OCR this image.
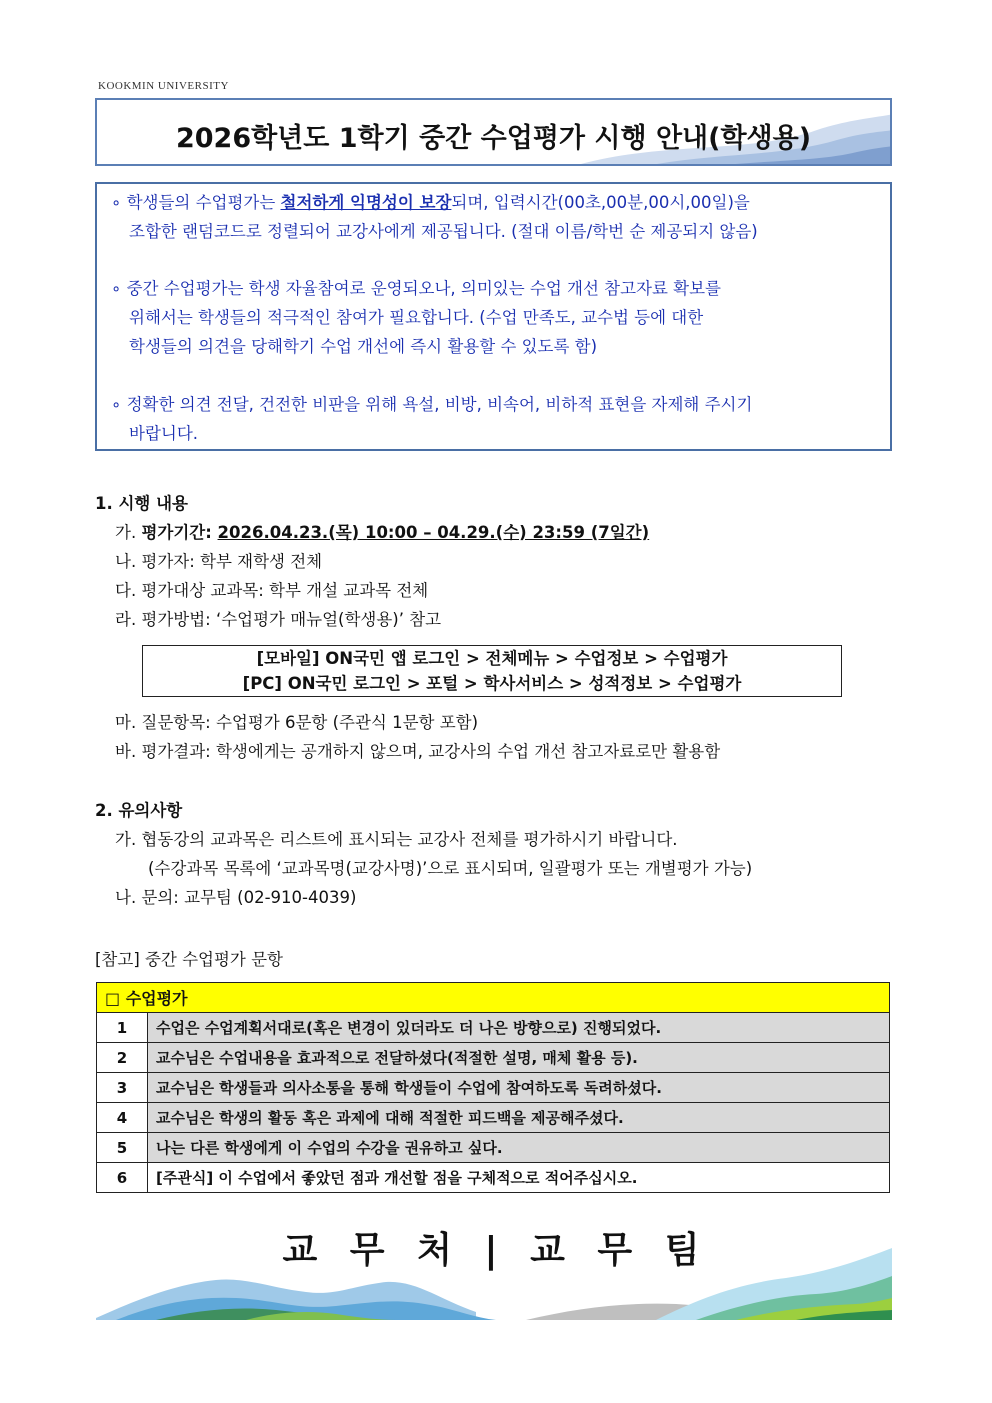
KOOKMIN UNIVERSITY
2026학년도 1학기 중간 수업평가 시행 안내(학생용)
∘ 학생들의 수업평가는 철저하게 익명성이 보장되며, 입력시간(00초,00분,00시,00일)을
조합한 랜덤코드로 정렬되어 교강사에게 제공됩니다. (절대 이름/학번 순 제공되지 않음)
∘ 중간 수업평가는 학생 자율참여로 운영되오나, 의미있는 수업 개선 참고자료 확보를
위해서는 학생들의 적극적인 참여가 필요합니다. (수업 만족도, 교수법 등에 대한
학생들의 의견을 당해학기 수업 개선에 즉시 활용할 수 있도록 함)
∘ 정확한 의견 전달, 건전한 비판을 위해 욕설, 비방, 비속어, 비하적 표현을 자제해 주시기
바랍니다.
1. 시행 내용
가. 평가기간: 2026.04.23.(목) 10:00 – 04.29.(수) 23:59 (7일간)
나. 평가자: 학부 재학생 전체
다. 평가대상 교과목: 학부 개설 교과목 전체
라. 평가방법: ‘수업평가 매뉴얼(학생용)’ 참고
[모바일] ON국민 앱 로그인 > 전체메뉴 > 수업정보 > 수업평가
[PC] ON국민 로그인 > 포털 > 학사서비스 > 성적정보 > 수업평가
마. 질문항목: 수업평가 6문항 (주관식 1문항 포함)
바. 평가결과: 학생에게는 공개하지 않으며, 교강사의 수업 개선 참고자료로만 활용함
2. 유의사항
가. 협동강의 교과목은 리스트에 표시되는 교강사 전체를 평가하시기 바랍니다.
(수강과목 목록에 ‘교과목명(교강사명)’으로 표시되며, 일괄평가 또는 개별평가 가능)
나. 문의: 교무팀 (02-910-4039)
[참고] 중간 수업평가 문항
□ 수업평가	
1	수업은 수업계획서대로(혹은 변경이 있더라도 더 나은 방향으로) 진행되었다.
2	교수님은 수업내용을 효과적으로 전달하셨다(적절한 설명, 매체 활용 등).
3	교수님은 학생들과 의사소통을 통해 학생들이 수업에 참여하도록 독려하셨다.
4	교수님은 학생의 활동 혹은 과제에 대해 적절한 피드백을 제공해주셨다.
5	나는 다른 학생에게 이 수업의 수강을 권유하고 싶다.
6	[주관식] 이 수업에서 좋았던 점과 개선할 점을 구체적으로 적어주십시오.
교 무 처 | 교 무 팀
